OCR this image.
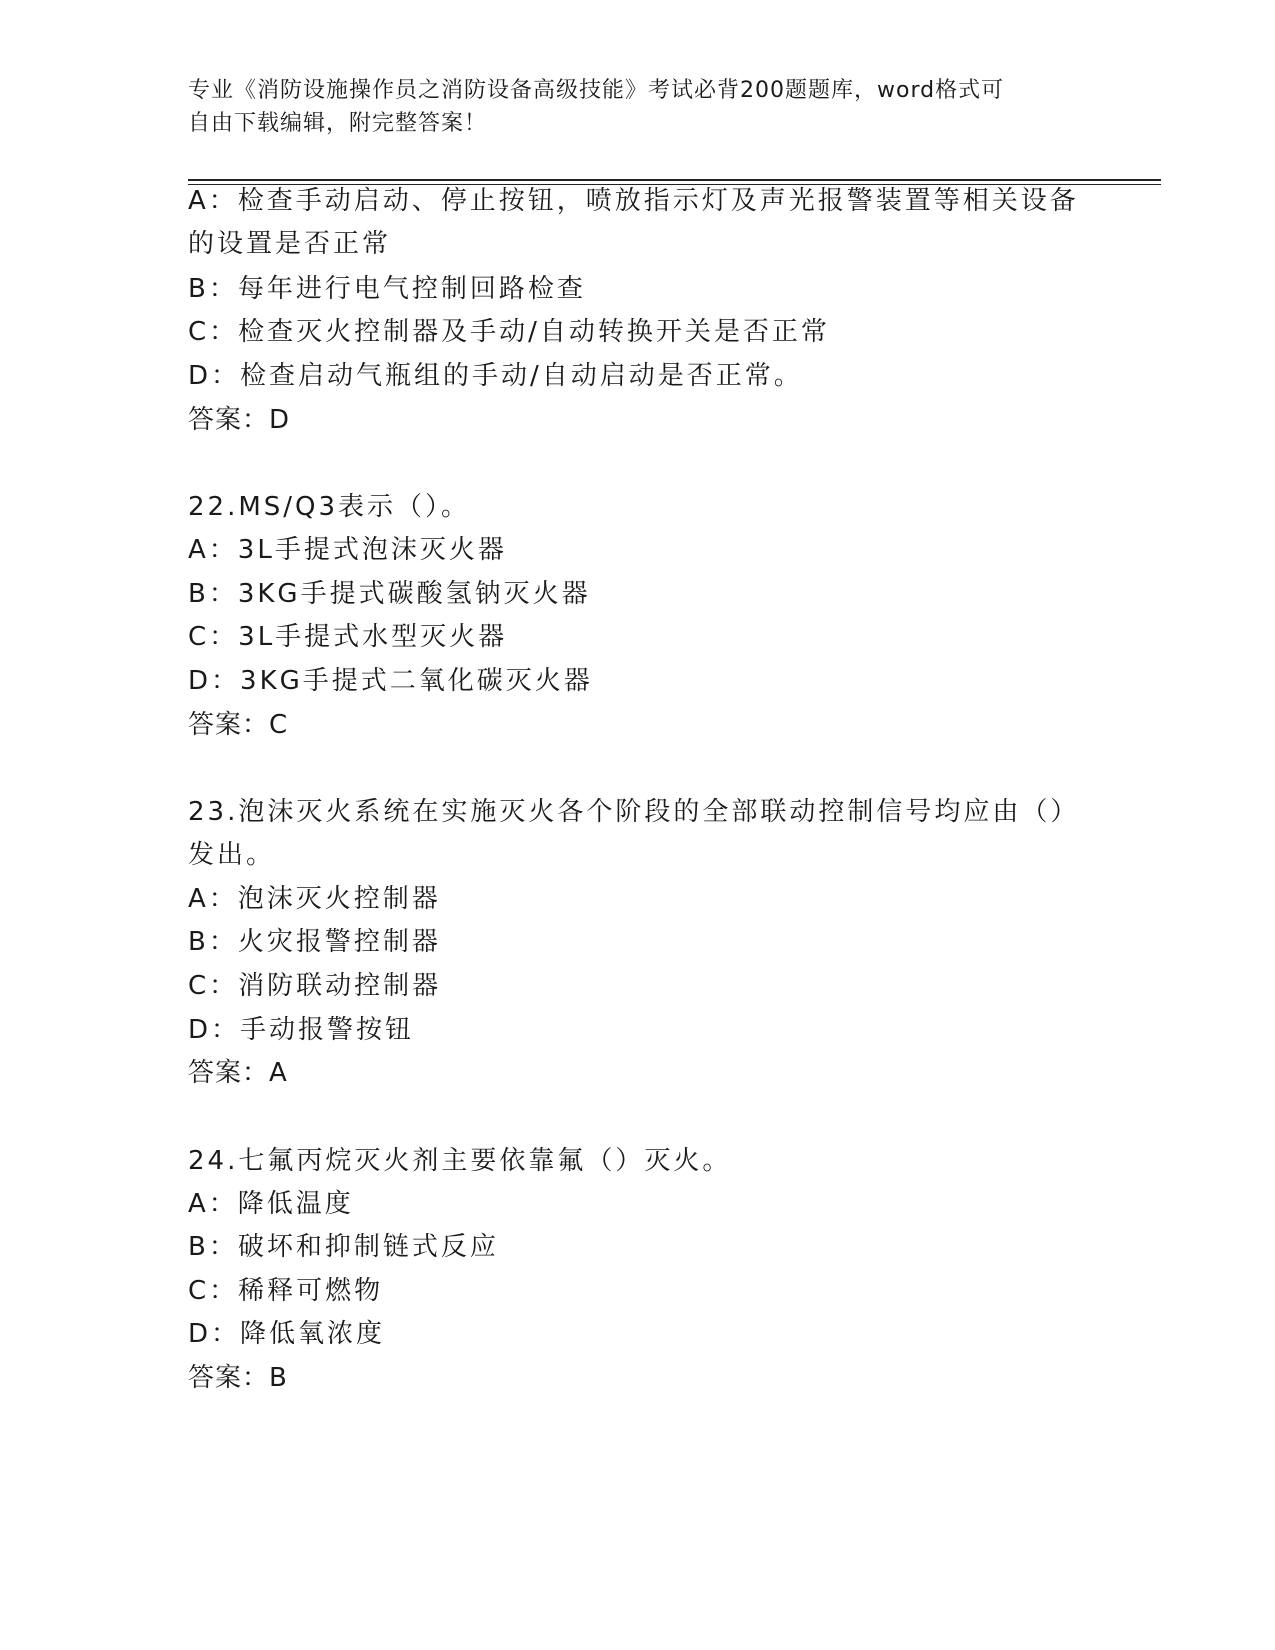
专业《消防设施操作员之消防设备高级技能》考试必背200题题库，word格式可
自由下载编辑，附完整答案！
A：检查手动启动、停止按钮，喷放指示灯及声光报警装置等相关设备
的设置是否正常
B：每年进行电气控制回路检查
C：检查灭火控制器及手动/自动转换开关是否正常
D：检查启动气瓶组的手动/自动启动是否正常。
答案：D
22.MS/Q3表示（）。
A：3L手提式泡沫灭火器
B：3KG手提式碳酸氢钠灭火器
C：3L手提式水型灭火器
D：3KG手提式二氧化碳灭火器
答案：C
23.泡沫灭火系统在实施灭火各个阶段的全部联动控制信号均应由（）
发出。
A：泡沫灭火控制器
B：火灾报警控制器
C：消防联动控制器
D：手动报警按钮
答案：A
24.七氟丙烷灭火剂主要依靠氟（）灭火。
A：降低温度
B：破坏和抑制链式反应
C：稀释可燃物
D：降低氧浓度
答案：B
